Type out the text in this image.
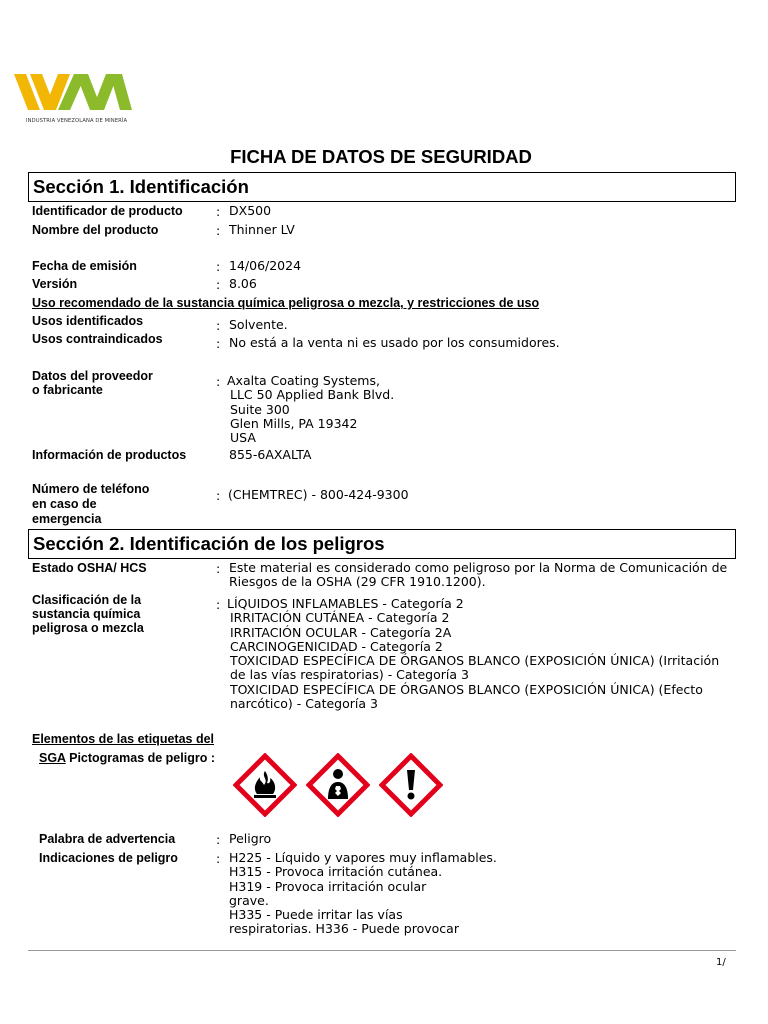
INDUSTRIA VENEZOLANA DE MINERÍA
FICHA DE DATOS DE SEGURIDAD
Sección 1. Identificación
Identificador de producto	: DX500
Nombre del producto	: Thinner LV
Fecha de emisión	: 14/06/2024
Versión	: 8.06
Uso recomendado de la sustancia química peligrosa o mezcla, y restricciones de uso
Usos identificados	: Solvente.
Usos contraindicados	: No está a la venta ni es usado por los consumidores.
Datos del proveedor
o fabricante
: Axalta Coating Systems,
LLC 50 Applied Bank Blvd.
Suite 300
Glen Mills, PA 19342
USA
Información de productos	855-6AXALTA
Número de teléfono
en caso de
emergencia
: (CHEMTREC) - 800-424-9300
Sección 2. Identificación de los peligros
Estado OSHA/ HCS	: Este material es considerado como peligroso por la Norma de Comunicación de
Riesgos de la OSHA (29 CFR 1910.1200).
Clasificación de la
sustancia química
peligrosa o mezcla
: LÍQUIDOS INFLAMABLES - Categoría 2
IRRITACIÓN CUTÁNEA - Categoría 2
IRRITACIÓN OCULAR - Categoría 2A
CARCINOGENICIDAD - Categoría 2
TOXICIDAD ESPECÍFICA DE ÓRGANOS BLANCO (EXPOSICIÓN ÚNICA) (Irritación
de las vías respiratorias) - Categoría 3
TOXICIDAD ESPECÍFICA DE ÓRGANOS BLANCO (EXPOSICIÓN ÚNICA) (Efecto
narcótico) - Categoría 3
Elementos de las etiquetas del
SGA Pictogramas de peligro :
Palabra de advertencia	: Peligro
Indicaciones de peligro	: H225 - Líquido y vapores muy inflamables.
H315 - Provoca irritación cutánea.
H319 - Provoca irritación ocular
grave.
H335 - Puede irritar las vías
respiratorias. H336 - Puede provocar
1/
